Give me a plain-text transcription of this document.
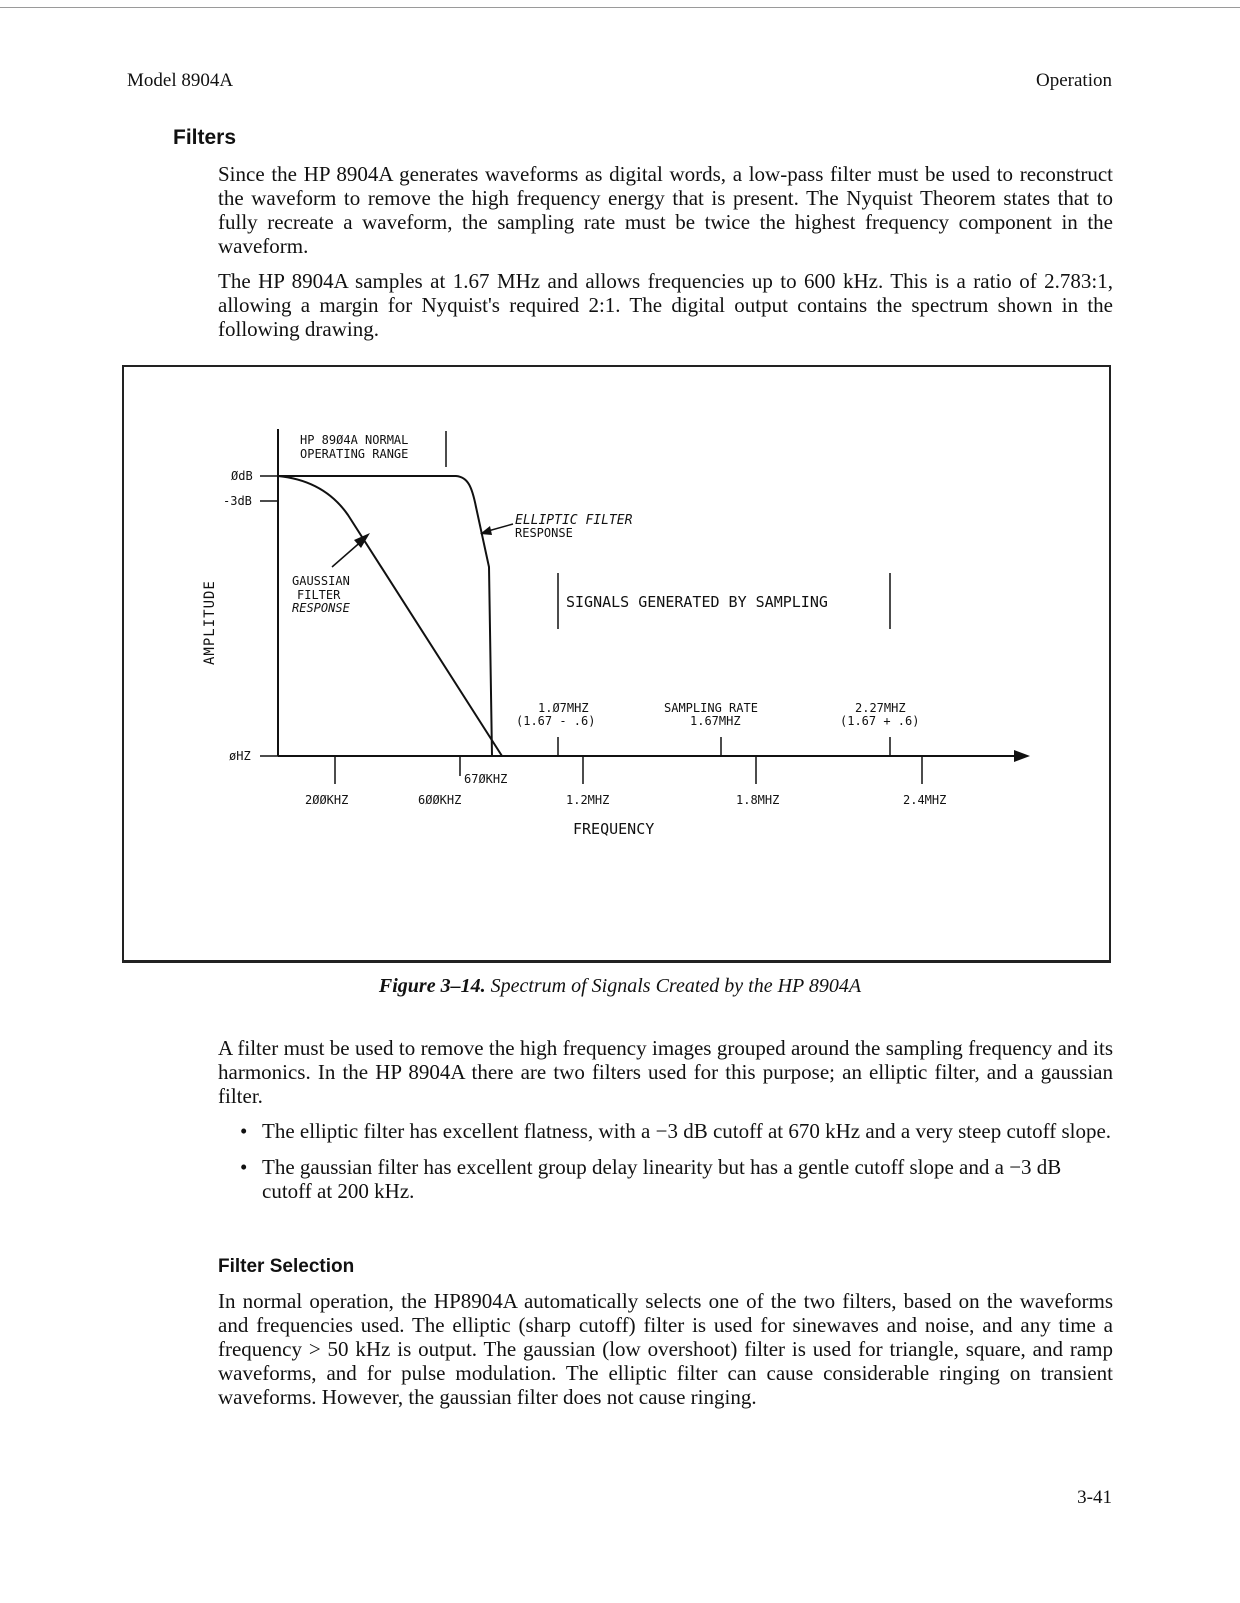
Model 8904A	Operation
Filters

Since the HP 8904A generates waveforms as digital words, a low-pass filter must be used to reconstruct the waveform to remove the high frequency energy that is present. The Nyquist Theorem states that to fully recreate a waveform, the sampling rate must be twice the highest frequency component in the waveform.

The HP 8904A samples at 1.67 MHz and allows frequencies up to 600 kHz. This is a ratio of 2.783:1, allowing a margin for Nyquist's required 2:1. The digital output contains the spectrum shown in the following drawing.

ØdB
-3dB
øHZ
AMPLITUDE
HP 89Ø4A NORMAL
OPERATING RANGE
ELLIPTIC FILTER
RESPONSE
GAUSSIAN
FILTER
RESPONSE	SIGNALS GENERATED BY SAMPLING
1.Ø7MHZ
(1.67 - .6)
SAMPLING RATE
1.67MHZ
2.27MHZ
(1.67 + .6)
2ØØKHZ	6ØØKHZ
67ØKHZ
1.2MHZ	1.8MHZ	2.4MHZ
FREQUENCY
Figure 3–14. Spectrum of Signals Created by the HP 8904A

A filter must be used to remove the high frequency images grouped around the sampling frequency and its harmonics. In the HP 8904A there are two filters used for this purpose; an elliptic filter, and a gaussian filter.

• The elliptic filter has excellent flatness, with a −3 dB cutoff at 670 kHz and a very steep cutoff slope.
• The gaussian filter has excellent group delay linearity but has a gentle cutoff slope and a −3 dB cutoff at 200 kHz.
Filter Selection

In normal operation, the HP8904A automatically selects one of the two filters, based on the waveforms and frequencies used. The elliptic (sharp cutoff) filter is used for sinewaves and noise, and any time a frequency > 50 kHz is output. The gaussian (low overshoot) filter is used for triangle, square, and ramp waveforms, and for pulse modulation. The elliptic filter can cause considerable ringing on transient waveforms. However, the gaussian filter does not cause ringing.

3-41
